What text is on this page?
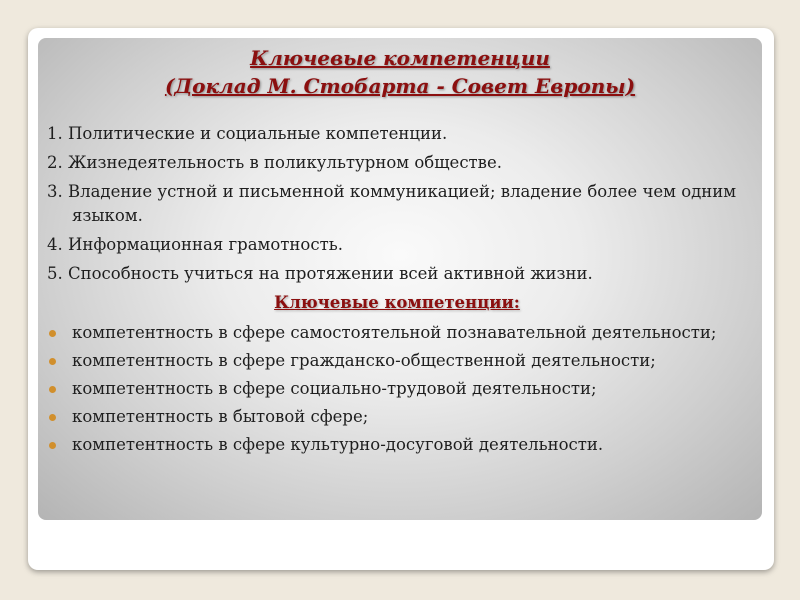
Ключевые компетенции
(Доклад М. Стобарта - Совет Европы)
1. Политические и социальные компетенции.
2. Жизнедеятельность в поликультурном обществе.
3. Владение устной и письменной коммуникацией; владение более чем одним языком.
4. Информационная грамотность.
5. Способность учиться на протяжении всей активной жизни.
Ключевые компетенции:
компетентность в сфере самостоятельной познавательной деятельности;
компетентность в сфере гражданско-общественной деятельности;
компетентность в сфере социально-трудовой деятельности;
компетентность в бытовой сфере;
компетентность в сфере культурно-досуговой деятельности.
